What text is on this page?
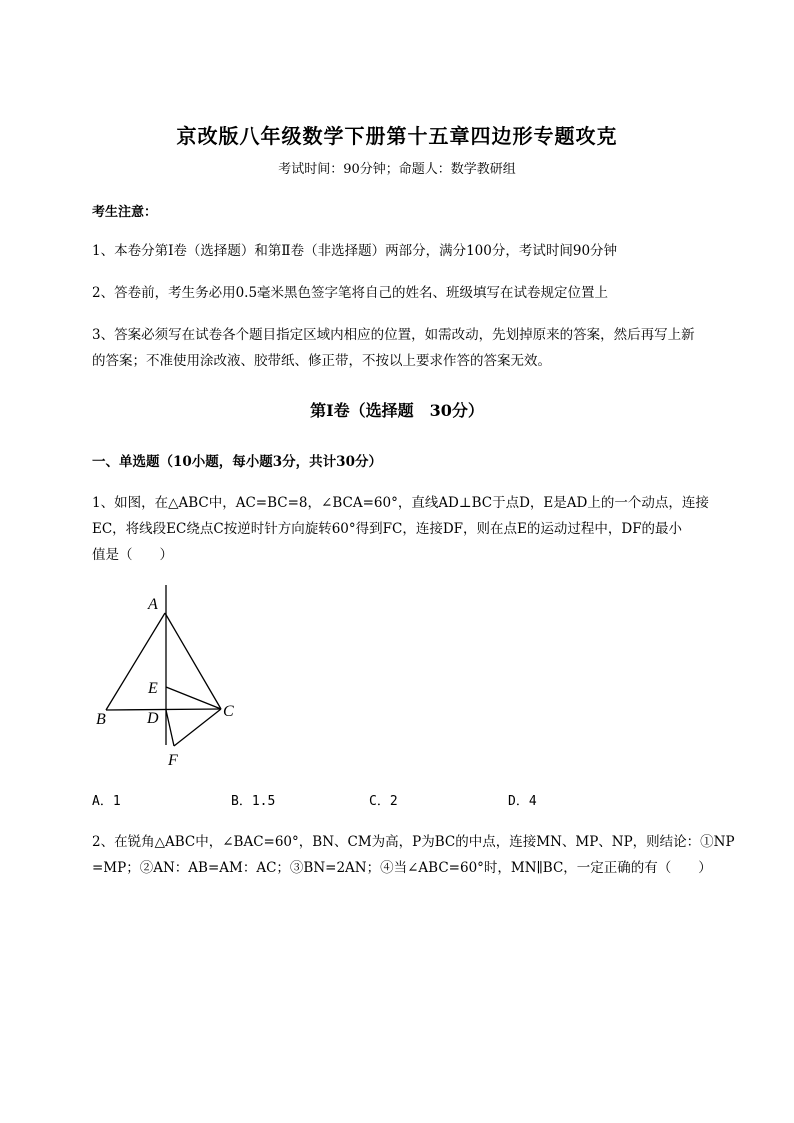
京改版八年级数学下册第十五章四边形专题攻克
考试时间：90分钟；命题人：数学教研组
考生注意：
1、本卷分第Ⅰ卷（选择题）和第Ⅱ卷（非选择题）两部分，满分100分，考试时间90分钟
2、答卷前，考生务必用0.5毫米黑色签字笔将自己的姓名、班级填写在试卷规定位置上
3、答案必须写在试卷各个题目指定区域内相应的位置，如需改动，先划掉原来的答案，然后再写上新
的答案；不准使用涂改液、胶带纸、修正带，不按以上要求作答的答案无效。
第Ⅰ卷（选择题　30分）
一、单选题（10小题，每小题3分，共计30分）
1、如图，在△ABC中，AC=BC=8，∠BCA=60°，直线AD⊥BC于点D，E是AD上的一个动点，连接
EC，将线段EC绕点C按逆时针方向旋转60°得到FC，连接DF，则在点E的运动过程中，DF的最小
值是（　　）
A
B	C
D
E
F
A．1	B．1.5	C．2	D．4
2、在锐角△ABC中，∠BAC=60°，BN、CM为高，P为BC的中点，连接MN、MP、NP，则结论：①NP
=MP；②AN：AB=AM：AC；③BN=2AN；④当∠ABC=60°时，MN∥BC，一定正确的有（　　）
